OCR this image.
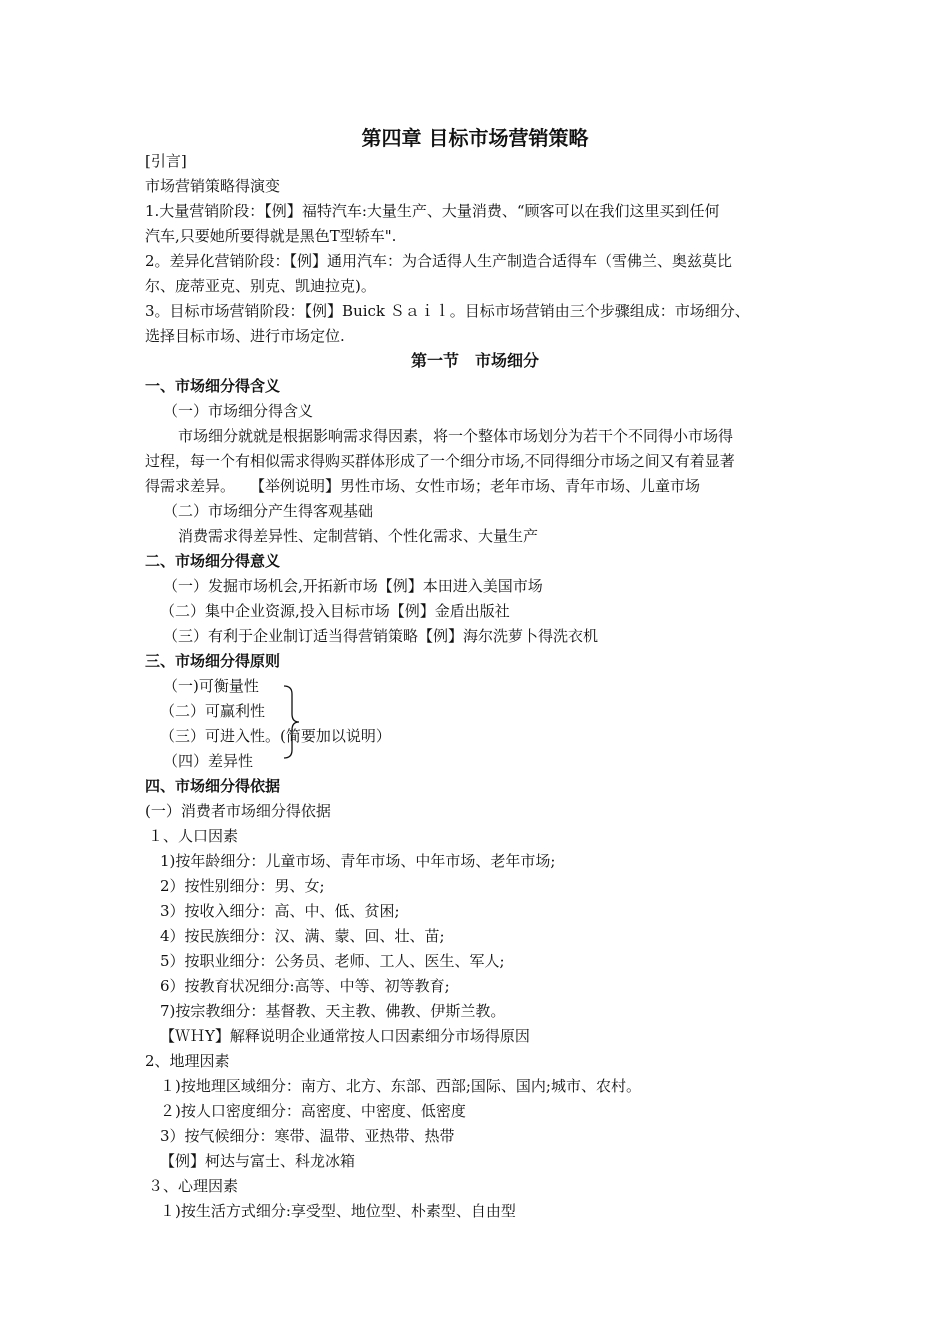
第四章 目标市场营销策略
[引言]
市场营销策略得演变
1.大量营销阶段：【例】福特汽车:大量生产、大量消费、“顾客可以在我们这里买到任何
汽车,只要她所要得就是黑色T型轿车".
2。差异化营销阶段：【例】通用汽车：为合适得人生产制造合适得车（雪佛兰、奥兹莫比
尔、庞蒂亚克、别克、凯迪拉克)。
3。目标市场营销阶段：【例】Buick Ｓａｉｌ。目标市场营销由三个步骤组成：市场细分、
选择目标市场、进行市场定位.
第一节　市场细分
一、市场细分得含义
（一）市场细分得含义
市场细分就就是根据影响需求得因素，将一个整体市场划分为若干个不同得小市场得
过程，每一个有相似需求得购买群体形成了一个细分市场,不同得细分市场之间又有着显著
得需求差异。　　【举例说明】男性市场、女性市场；老年市场、青年市场、儿童市场
（二）市场细分产生得客观基础
消费需求得差异性、定制营销、个性化需求、大量生产
二、市场细分得意义
（一）发掘市场机会,开拓新市场【例】本田进入美国市场
（二）集中企业资源,投入目标市场【例】金盾出版社
（三）有利于企业制订适当得营销策略【例】海尔洗萝卜得洗衣机
三、市场细分得原则
（一)可衡量性
（二）可赢利性
（三）可进入性。(简要加以说明）
（四）差异性
四、市场细分得依据
(一）消费者市场细分得依据
１、人口因素
1)按年龄细分：儿童市场、青年市场、中年市场、老年市场;
2）按性别细分：男、女;
3）按收入细分：高、中、低、贫困;
4）按民族细分：汉、满、蒙、回、壮、苗;
5）按职业细分：公务员、老师、工人、医生、军人;
6）按教育状况细分:高等、中等、初等教育;
7)按宗教细分：基督教、天主教、佛教、伊斯兰教。
【ＷＨY】解释说明企业通常按人口因素细分市场得原因
2、地理因素
１)按地理区域细分：南方、北方、东部、西部;国际、国内;城市、农村。
２)按人口密度细分：高密度、中密度、低密度
3）按气候细分：寒带、温带、亚热带、热带
【例】柯达与富士、科龙冰箱
３、心理因素
１)按生活方式细分:享受型、地位型、朴素型、自由型
